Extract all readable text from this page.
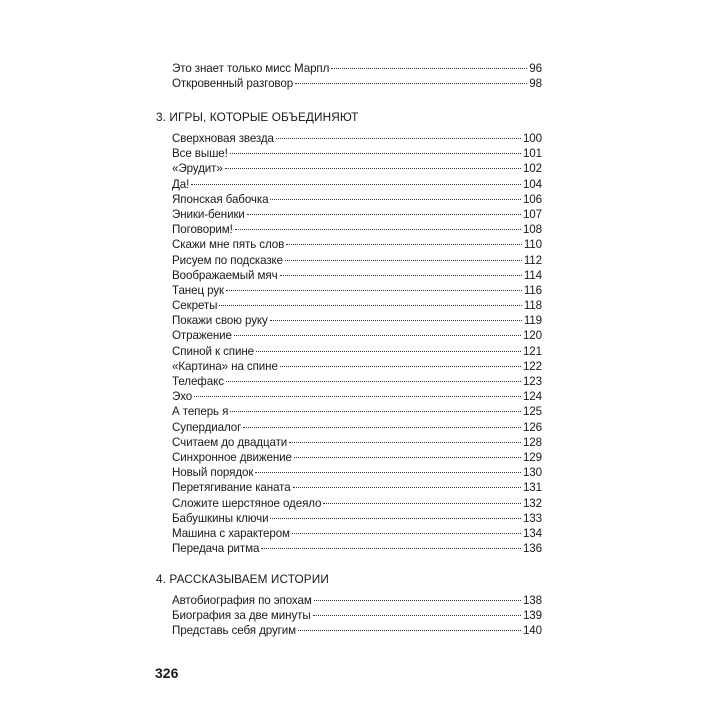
Это знает только мисс Марпл	96
Откровенный разговор	98
3. ИГРЫ, КОТОРЫЕ ОБЪЕДИНЯЮТ
Сверхновая звезда	100
Все выше!	101
«Эрудит»	102
Да!	104
Японская бабочка	106
Эники-беники	107
Поговорим!	108
Скажи мне пять слов	110
Рисуем по подсказке	112
Воображаемый мяч	114
Танец рук	116
Секреты	118
Покажи свою руку	119
Отражение	120
Спиной к спине	121
«Картина» на спине	122
Телефакс	123
Эхо	124
А теперь я	125
Супердиалог	126
Считаем до двадцати	128
Синхронное движение	129
Новый порядок	130
Перетягивание каната	131
Сложите шерстяное одеяло	132
Бабушкины ключи	133
Машина с характером	134
Передача ритма	136
4. РАССКАЗЫВАЕМ ИСТОРИИ
Автобиография по эпохам	138
Биография за две минуты	139
Представь себя другим	140
326
